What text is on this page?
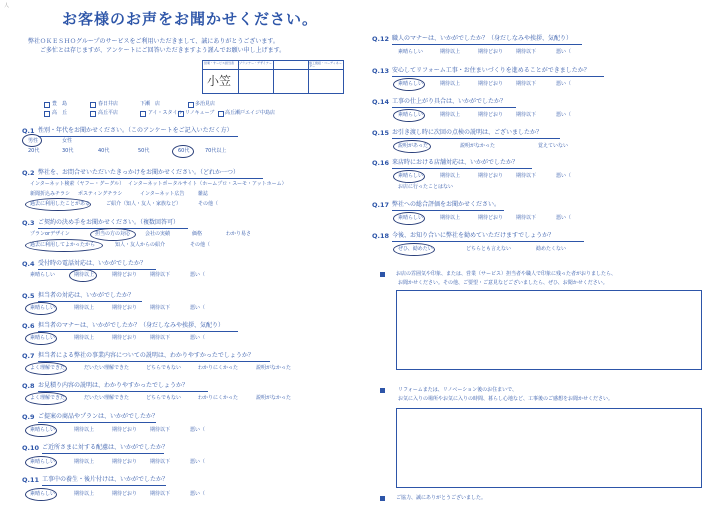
人
お客様のお声をお聞かせください。
弊社ＯＫＥＳＨＯグループのサービスをご利用いただきまして、誠にありがとうございます。
ご多忙とは存じますが、アンケートにご回答いただきますよう謹んでお願い申し上げます。
営業・サービス担当者	プランナー・デザイナー	施工統括・コーディネーター
小笠
豊　島	春日井店	下瀬　店	多治見店
高　丘	高丘平店	アイ・スタイル リノキューブ 高丘瀬戸エイジ中島店
Q.1 性別・年代をお聞かせください。（このアンケートをご記入いただく方）
男性	女性
20代	30代	40代	50代	60代	70代以上
Q.2 弊社を、お問合せいただいたきっかけをお聞かせください。（どれか一つ）
インターネット検索（ヤフー・グーグル） インターネットポータルサイト（ホームプロ・スーモ・アットホーム）
新聞折込みチラシ ポスティングチラシ	インターネット広告	雑誌
過去に利用したことがある	ご紹介（知人・友人・家族など）	その他（
Q.3 ご契約の決め手をお聞かせください。（複数回答可）
プランorデザイン	担当の方の対応	会社の実績	価格	わかり易さ
過去に利用してよかったから	知人・友人からの紹介	その他（
Q.4 受付時の電話対応は、いかがでしたか？
素晴らしい	期待以上	期待どおり	期待以下	悪い（
Q.5 担当者の対応は、いかがでしたか？
素晴らしい	期待以上	期待どおり	期待以下	悪い（
Q.6 担当者のマナーは、いかがでしたか？（身だしなみや挨拶、気配り）
素晴らしい	期待以上	期待どおり	期待以下	悪い（
Q.7 担当者による弊社の事業内容についての説明は、わかりやすかったでしょうか？
よく理解できた	だいたい理解できた	どちらでもない	わかりにくかった	説明がなかった
Q.8 お見積り内容の説明は、わかりやすかったでしょうか？
よく理解できた	だいたい理解できた	どちらでもない	わかりにくかった	説明がなかった
Q.9 ご提案の商品やプランは、いかがでしたか？
素晴らしい	期待以上	期待どおり	期待以下	悪い（
Q.10 ご近所さまに対する配慮は、いかがでしたか？
素晴らしい	期待以上	期待どおり	期待以下	悪い（
Q.11 工事中の養生・後片付けは、いかがでしたか？
素晴らしい	期待以上	期待どおり	期待以下	悪い（
Q.12 職人のマナーは、いかがでしたか？（身だしなみや挨拶、気配り）
素晴らしい	期待以上	期待どおり	期待以下	悪い（
Q.13 安心してリフォーム工事・お住まいづくりを進めることができましたか？
素晴らしい	期待以上	期待どおり	期待以下	悪い（
Q.14 工事の仕上がり具合は、いかがでしたか？
素晴らしい	期待以上	期待どおり	期待以下	悪い（
Q.15 お引き渡し時に次回の点検の説明は、ございましたか？
説明があった	説明がなかった	覚えていない
Q.16 来店時における店舗対応は、いかがでしたか？
素晴らしい	期待以上	期待どおり	期待以下	悪い（
お店に行ったことはない
Q.17 弊社への総合評価をお聞かせください。
素晴らしい	期待以上	期待どおり	期待以下	悪い（
Q.18 今後、お知り合いに弊社を勧めていただけますでしょうか？
ぜひ、勧めたい	どちらとも言えない	勧めたくない
お店の雰囲気や印象、または、営業（サービス）担当者や職人で印象に残った者がおりましたら、
お聞かせください。その他、ご要望・ご意見などございましたら、ぜひ、お聞かせください。
リフォームまたは、リノベーション後のお住まいで、
お気に入りの場所やお気に入りの時間、暮らし心地など、工事後のご感想をお聞かせください。
ご協力、誠にありがとうございました。
